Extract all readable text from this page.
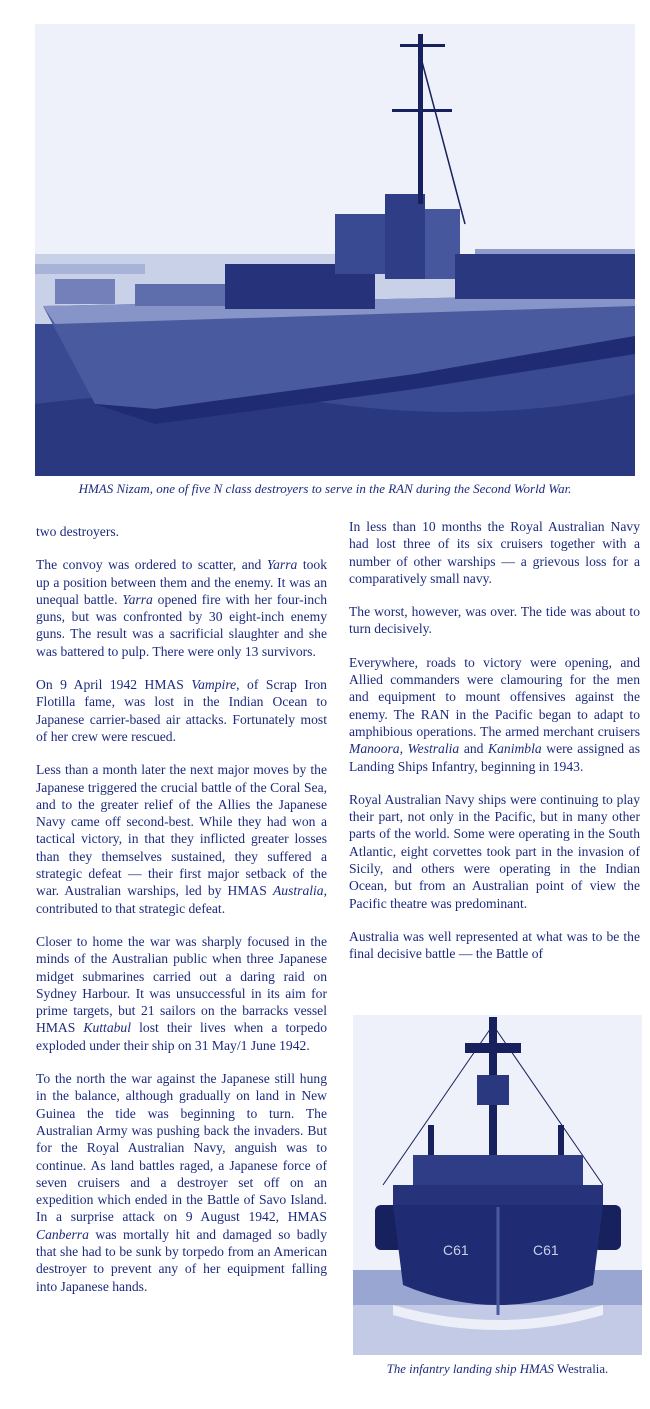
HMAS Nizam, one of five N class destroyers to serve in the RAN during the Second World War.

two destroyers.

The convoy was ordered to scatter, and Yarra took up a position between them and the enemy. It was an unequal battle. Yarra opened fire with her four-inch guns, but was confronted by 30 eight-inch enemy guns. The result was a sacrificial slaughter and she was battered to pulp. There were only 13 survivors.

On 9 April 1942 HMAS Vampire, of Scrap Iron Flotilla fame, was lost in the Indian Ocean to Japanese carrier-based air attacks. Fortunately most of her crew were rescued.

Less than a month later the next major moves by the Japanese triggered the crucial battle of the Coral Sea, and to the greater relief of the Allies the Japanese Navy came off second-best. While they had won a tactical victory, in that they inflicted greater losses than they themselves sustained, they suffered a strategic defeat — their first major setback of the war. Australian warships, led by HMAS Australia, contributed to that strategic defeat.

Closer to home the war was sharply focused in the minds of the Australian public when three Japanese midget submarines carried out a daring raid on Sydney Harbour. It was unsuccessful in its aim for prime targets, but 21 sailors on the barracks vessel HMAS Kuttabul lost their lives when a torpedo exploded under their ship on 31 May/1 June 1942.

To the north the war against the Japanese still hung in the balance, although gradually on land in New Guinea the tide was beginning to turn. The Australian Army was pushing back the invaders. But for the Royal Australian Navy, anguish was to continue. As land battles raged, a Japanese force of seven cruisers and a destroyer set off on an expedition which ended in the Battle of Savo Island. In a surprise attack on 9 August 1942, HMAS Canberra was mortally hit and damaged so badly that she had to be sunk by torpedo from an American destroyer to prevent any of her equipment falling into Japanese hands.

In less than 10 months the Royal Australian Navy had lost three of its six cruisers together with a number of other warships — a grievous loss for a comparatively small navy.

The worst, however, was over. The tide was about to turn decisively.

Everywhere, roads to victory were opening, and Allied commanders were clamouring for the men and equipment to mount offensives against the enemy. The RAN in the Pacific began to adapt to amphibious operations. The armed merchant cruisers Manoora, Westralia and Kanimbla were assigned as Landing Ships Infantry, beginning in 1943.

Royal Australian Navy ships were continuing to play their part, not only in the Pacific, but in many other parts of the world. Some were operating in the South Atlantic, eight corvettes took part in the invasion of Sicily, and others were operating in the Indian Ocean, but from an Australian point of view the Pacific theatre was predominant.

Australia was well represented at what was to be the final decisive battle — the Battle of

C61	C61
The infantry landing ship HMAS Westralia.
